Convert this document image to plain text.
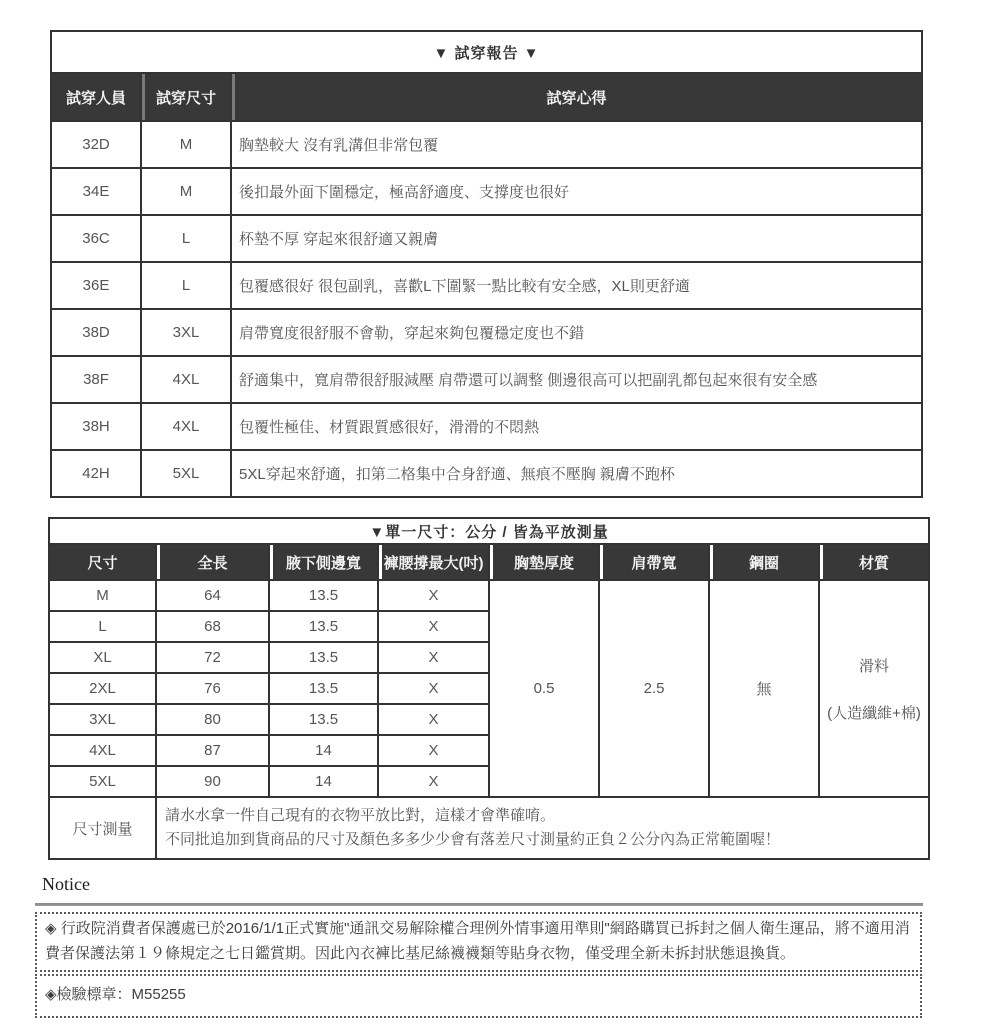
▼ 試穿報告 ▼		
試穿人員	試穿尺寸	試穿心得
32D	M	胸墊較大 沒有乳溝但非常包覆
34E	M	後扣最外面下圍穩定，極高舒適度、支撐度也很好
36C	L	杯墊不厚 穿起來很舒適又親膚
36E	L	包覆感很好 很包副乳，喜歡L下圍緊一點比較有安全感，XL則更舒適
38D	3XL	肩帶寬度很舒服不會勒，穿起來夠包覆穩定度也不錯
38F	4XL	舒適集中，寬肩帶很舒服減壓 肩帶還可以調整 側邊很高可以把副乳都包起來很有安全感
38H	4XL	包覆性極佳、材質跟質感很好，滑滑的不悶熱
42H	5XL	5XL穿起來舒適，扣第二格集中合身舒適、無痕不壓胸 親膚不跑杯
▼單一尺寸：公分 / 皆為平放測量							
尺寸	全長	腋下側邊寬	褲腰撐最大(吋)	胸墊厚度	肩帶寬	鋼圈	材質
M	64	13.5	X	0.5	2.5	無	滑料
(人造纖維+棉)

L	68	13.5	X				
XL	72	13.5	X				
2XL	76	13.5	X				
3XL	80	13.5	X				
4XL	87	14	X				
5XL	90	14	X				
尺寸測量	請水水拿一件自己現有的衣物平放比對，這樣才會準確唷。
不同批追加到貨商品的尺寸及顏色多多少少會有落差尺寸測量約正負２公分內為正常範圍喔！						
Notice
◈ 行政院消費者保護處已於2016/1/1正式實施"通訊交易解除權合理例外情事適用準則"網路購買已拆封之個人衛生運品，將不適用消費者保護法第１９條規定之七日鑑賞期。因此內衣褲比基尼絲襪襪類等貼身衣物，僅受理全新未拆封狀態退換貨。
◈檢驗標章：M55255
